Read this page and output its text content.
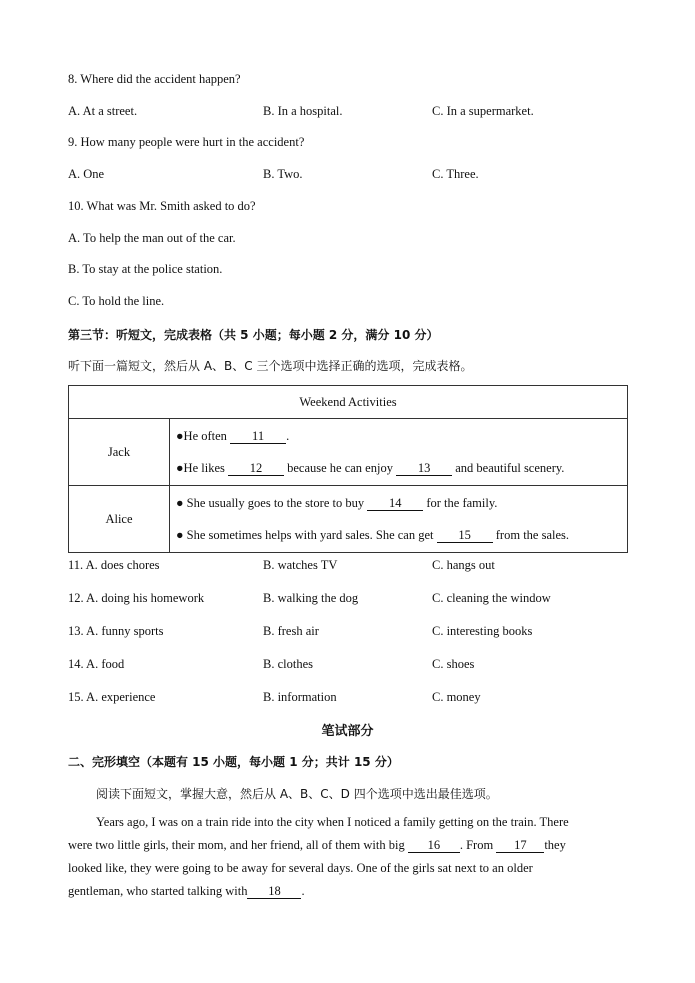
8. Where did the accident happen?
A. At a street.	B. In a hospital.	C. In a supermarket.
9. How many people were hurt in the accident?
A. One	B. Two.	C. Three.
10. What was Mr. Smith asked to do?
A. To help the man out of the car.
B. To stay at the police station.
C. To hold the line.
第三节：听短文，完成表格（共 5 小题；每小题 2 分，满分 10 分）
听下面一篇短文，然后从 A、B、C 三个选项中选择正确的选项，完成表格。
Weekend Activities	
Jack	●He often 11 .
●He likes 12 because he can enjoy 13 and beautiful scenery.

Alice	● She usually goes to the store to buy 14 for the family.
● She sometimes helps with yard sales. She can get 15 from the sales.
11. A. does chores	B. watches TV	C. hangs out
12. A. doing his homework	B. walking the dog	C. cleaning the window
13. A. funny sports	B. fresh air	C. interesting books
14. A. food	B. clothes	C. shoes
15. A. experience	B. information	C. money
笔试部分
二、完形填空（本题有 15 小题，每小题 1 分；共计 15 分）
阅读下面短文，掌握大意，然后从 A、B、C、D 四个选项中选出最佳选项。
Years ago, I was on a train ride into the city when I noticed a family getting on the train. There
were two little girls, their mom, and her friend, all of them with big 16 . From 17 they
looked like, they were going to be away for several days. One of the girls sat next to an older
gentleman, who started talking with 18 .
